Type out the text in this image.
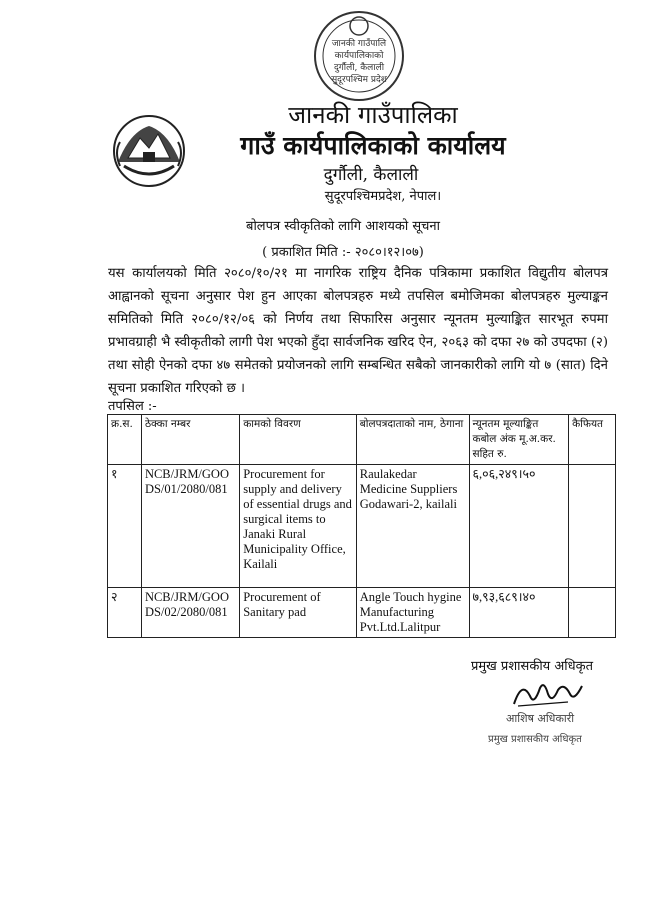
जानकी गाउँपालि
कार्यपालिकाको
दुर्गौली, कैलाली
सुदूरपश्चिम प्रदेश
जानकी गाउँपालिका
गाउँ कार्यपालिकाको कार्यालय
दुर्गौली, कैलाली
सुदूरपश्चिमप्रदेश, नेपाल।
बोलपत्र स्वीकृतिको लागि आशयको सूचना
( प्रकाशित मिति :- २०८०।१२।०७)
यस कार्यालयको मिति २०८०/१०/२१ मा नागरिक राष्ट्रिय दैनिक पत्रिकामा प्रकाशित विद्युतीय बोलपत्र आह्वानको सूचना अनुसार पेश हुन आएका बोलपत्रहरु मध्ये तपसिल बमोजिमका बोलपत्रहरु मुल्याङ्कन समितिको मिति २०८०/१२/०६ को निर्णय तथा सिफारिस अनुसार न्यूनतम मुल्याङ्कित सारभूत रुपमा प्रभावग्राही भै स्वीकृतीको लागी पेश भएको हुँदा सार्वजनिक खरिद ऐन, २०६३ को दफा २७ को उपदफा (२) तथा सोही ऐनको दफा ४७ समेतको प्रयोजनको लागि सम्बन्धित सबैको जानकारीको लागि यो ७ (सात) दिने सूचना प्रकाशित गरिएको छ ।
तपसिल :-
क्र.स.	ठेक्का नम्बर	कामको विवरण	बोलपत्रदाताको नाम, ठेगाना	न्यूनतम मूल्याङ्कित कबोल अंक मू.अ.कर. सहित रु.	कैफियत
१	NCB/JRM/GOODS/01/2080/081	Procurement for supply and delivery of essential drugs and surgical items to Janaki Rural Municipality Office, Kailali	Raulakedar Medicine Suppliers Godawari-2, kailali	६,०६,२४९।५०	
२	NCB/JRM/GOODS/02/2080/081	Procurement of Sanitary pad	Angle Touch hygine Manufacturing Pvt.Ltd.Lalitpur	७,९३,६८९।४०	
प्रमुख प्रशासकीय अधिकृत
आशिष अधिकारी
प्रमुख प्रशासकीय अधिकृत
